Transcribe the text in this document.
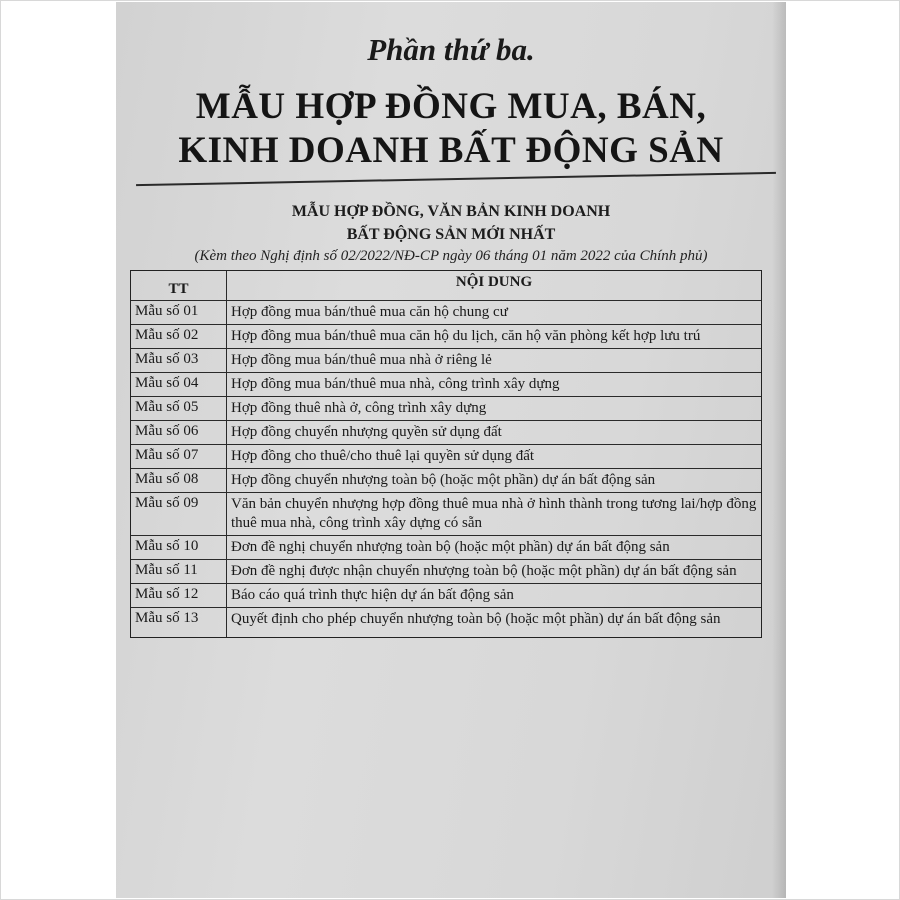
Phần thứ ba.
MẪU HỢP ĐỒNG MUA, BÁN,
KINH DOANH BẤT ĐỘNG SẢN
MẪU HỢP ĐỒNG, VĂN BẢN KINH DOANH
BẤT ĐỘNG SẢN MỚI NHẤT
(Kèm theo Nghị định số 02/2022/NĐ-CP ngày 06 tháng 01 năm 2022 của Chính phủ)
TT	NỘI DUNG
Mẫu số 01	Hợp đồng mua bán/thuê mua căn hộ chung cư
Mẫu số 02	Hợp đồng mua bán/thuê mua căn hộ du lịch, căn hộ văn phòng kết hợp lưu trú
Mẫu số 03	Hợp đồng mua bán/thuê mua nhà ở riêng lẻ
Mẫu số 04	Hợp đồng mua bán/thuê mua nhà, công trình xây dựng
Mẫu số 05	Hợp đồng thuê nhà ở, công trình xây dựng
Mẫu số 06	Hợp đồng chuyển nhượng quyền sử dụng đất
Mẫu số 07	Hợp đồng cho thuê/cho thuê lại quyền sử dụng đất
Mẫu số 08	Hợp đồng chuyển nhượng toàn bộ (hoặc một phần) dự án bất động sản
Mẫu số 09	Văn bản chuyển nhượng hợp đồng thuê mua nhà ở hình thành trong tương lai/hợp đồng thuê mua nhà, công trình xây dựng có sẵn
Mẫu số 10	Đơn đề nghị chuyển nhượng toàn bộ (hoặc một phần) dự án bất động sản
Mẫu số 11	Đơn đề nghị được nhận chuyển nhượng toàn bộ (hoặc một phần) dự án bất động sản
Mẫu số 12	Báo cáo quá trình thực hiện dự án bất động sản
Mẫu số 13	Quyết định cho phép chuyển nhượng toàn bộ (hoặc một phần) dự án bất động sản
